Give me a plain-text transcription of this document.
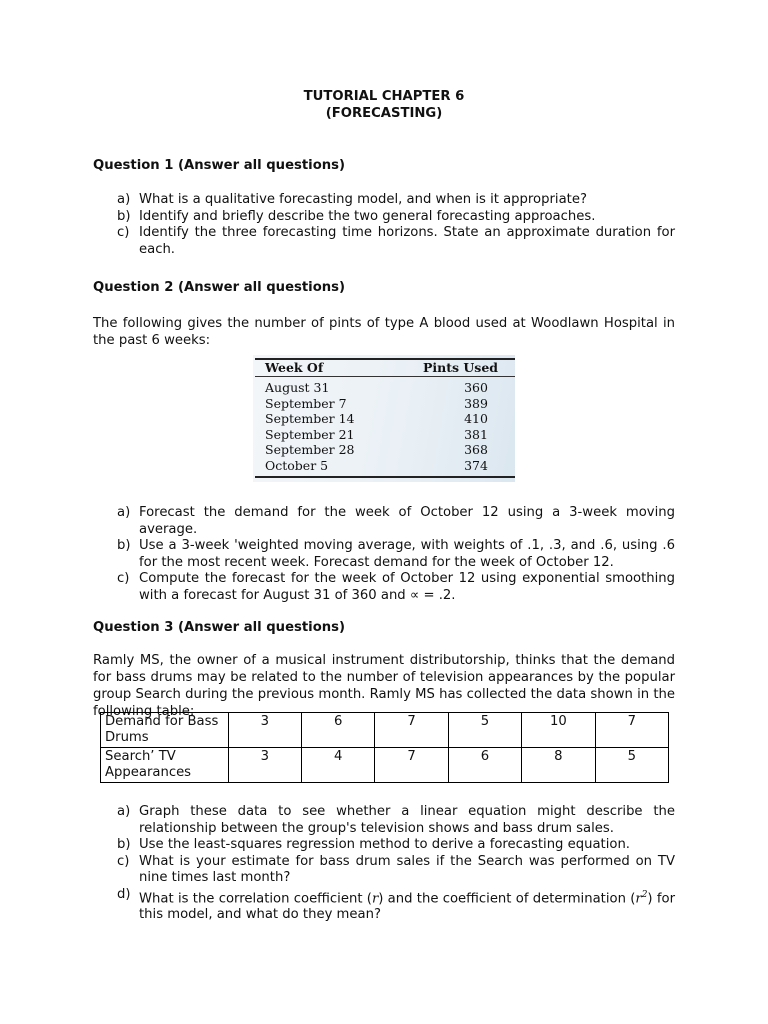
TUTORIAL CHAPTER 6
(FORECASTING)
Question 1 (Answer all questions)
a) What is a qualitative forecasting model, and when is it appropriate?
b) Identify and briefly describe the two general forecasting approaches.
c) Identify the three forecasting time horizons. State an approximate duration for each.
Question 2 (Answer all questions)
The following gives the number of pints of type A blood used at Woodlawn Hospital in the past 6 weeks:
Week Of	Pints Used
August 31	360
September 7	389
September 14	410
September 21	381
September 28	368
October 5	374
a) Forecast the demand for the week of October 12 using a 3-week moving average.
b) Use a 3-week 'weighted moving average, with weights of .1, .3, and .6, using .6 for the most recent week. Forecast demand for the week of October 12.
c) Compute the forecast for the week of October 12 using exponential smoothing with a forecast for August 31 of 360 and ∝ = .2.
Question 3 (Answer all questions)
Ramly MS, the owner of a musical instrument distributorship, thinks that the demand for bass drums may be related to the number of television appearances by the popular group Search during the previous month. Ramly MS has collected the data shown in the following table:
Demand for Bass Drums	3	6	7	5	10	7
Search’ TV Appearances	3	4	7	6	8	5
a) Graph these data to see whether a linear equation might describe the relationship between the group's television shows and bass drum sales.
b) Use the least-squares regression method to derive a forecasting equation.
c) What is your estimate for bass drum sales if the Search was performed on TV nine times last month?
d) What is the correlation coefficient (r) and the coefficient of determination $(r^2)$ for this model, and what do they mean?
